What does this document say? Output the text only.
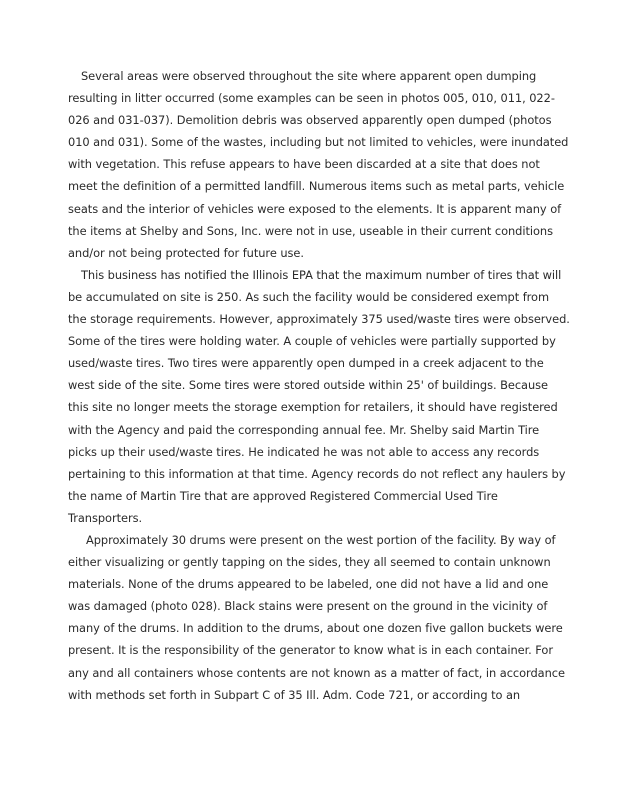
Several areas were observed throughout the site where apparent open dumping
resulting in litter occurred (some examples can be seen in photos 005, 010, 011, 022-
026 and 031-037). Demolition debris was observed apparently open dumped (photos
010 and 031). Some of the wastes, including but not limited to vehicles, were inundated
with vegetation. This refuse appears to have been discarded at a site that does not
meet the definition of a permitted landfill. Numerous items such as metal parts, vehicle
seats and the interior of vehicles were exposed to the elements. It is apparent many of
the items at Shelby and Sons, Inc. were not in use, useable in their current conditions
and/or not being protected for future use.
This business has notified the Illinois EPA that the maximum number of tires that will
be accumulated on site is 250. As such the facility would be considered exempt from
the storage requirements. However, approximately 375 used/waste tires were observed.
Some of the tires were holding water. A couple of vehicles were partially supported by
used/waste tires. Two tires were apparently open dumped in a creek adjacent to the
west side of the site. Some tires were stored outside within 25' of buildings. Because
this site no longer meets the storage exemption for retailers, it should have registered
with the Agency and paid the corresponding annual fee. Mr. Shelby said Martin Tire
picks up their used/waste tires. He indicated he was not able to access any records
pertaining to this information at that time. Agency records do not reflect any haulers by
the name of Martin Tire that are approved Registered Commercial Used Tire
Transporters.
Approximately 30 drums were present on the west portion of the facility. By way of
either visualizing or gently tapping on the sides, they all seemed to contain unknown
materials. None of the drums appeared to be labeled, one did not have a lid and one
was damaged (photo 028). Black stains were present on the ground in the vicinity of
many of the drums. In addition to the drums, about one dozen five gallon buckets were
present. It is the responsibility of the generator to know what is in each container. For
any and all containers whose contents are not known as a matter of fact, in accordance
with methods set forth in Subpart C of 35 Ill. Adm. Code 721, or according to an
